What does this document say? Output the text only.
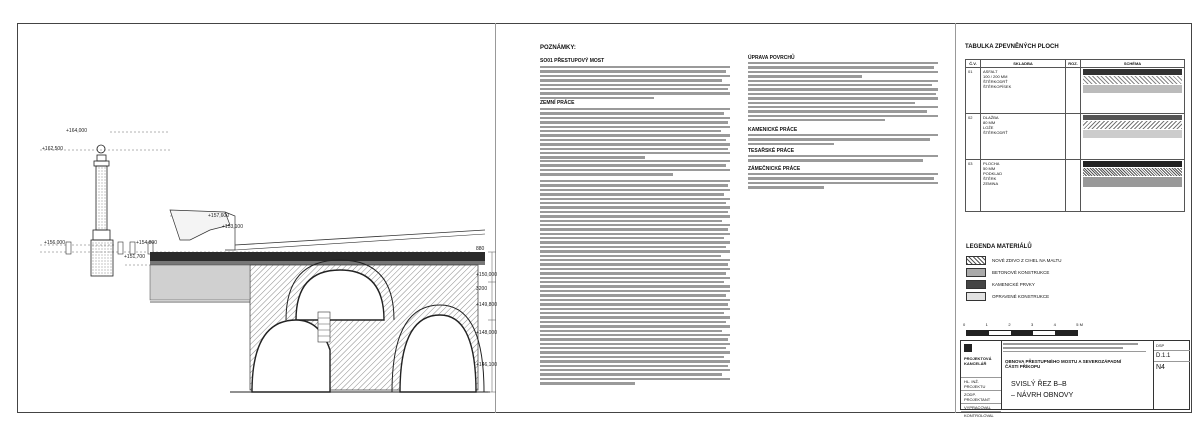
+164,000
+162,500
+157,600
+156,000	+154,800
+153,100
+151,700
+150,000
+149,800
+148,000
+146,100
880
3200
POZNÁMKY:
SO01 PŘESTUPOVÝ MOST
ZEMNÍ PRÁCE
ÚPRAVA POVRCHŮ
KAMENICKÉ PRÁCE
TESAŘSKÉ PRÁCE
ZÁMEČNICKÉ PRÁCE
TABULKA ZPEVNĚNÝCH PLOCH
Č.V.	SKLADBA	ROZ.	SCHÉMA
01	ASFALT
100 / 200 MM
ŠTĚRKODRŤ
ŠTĚRKOPÍSEK		

02	DLAŽBA
80 MM
LOŽE
ŠTĚRKODRŤ		

03	PLOCHA
50 MM
PODKLAD
ŠTĚRK
ZEMINA		
LEGENDA MATERIÁLŮ
NOVÉ ZDIVO Z CIHEL NA MALTU
BETONOVÉ KONSTRUKCE
KAMENICKÉ PRVKY
OPRAVENÉ KONSTRUKCE
0	1	2	3	4	5 M
PROJEKTOVÁ KANCELÁŘ
HL. INŽ. PROJEKTU
ZODP. PROJEKTANT
VYPRACOVAL
KONTROLOVAL
OBNOVA PŘESTUPNÉHO MOSTU A SEVEROZÁPADNÍ ČÁSTI PŘÍKOPU
SVISLÝ ŘEZ B–B
– NÁVRH OBNOVY
DSP
D.1.1
N4
